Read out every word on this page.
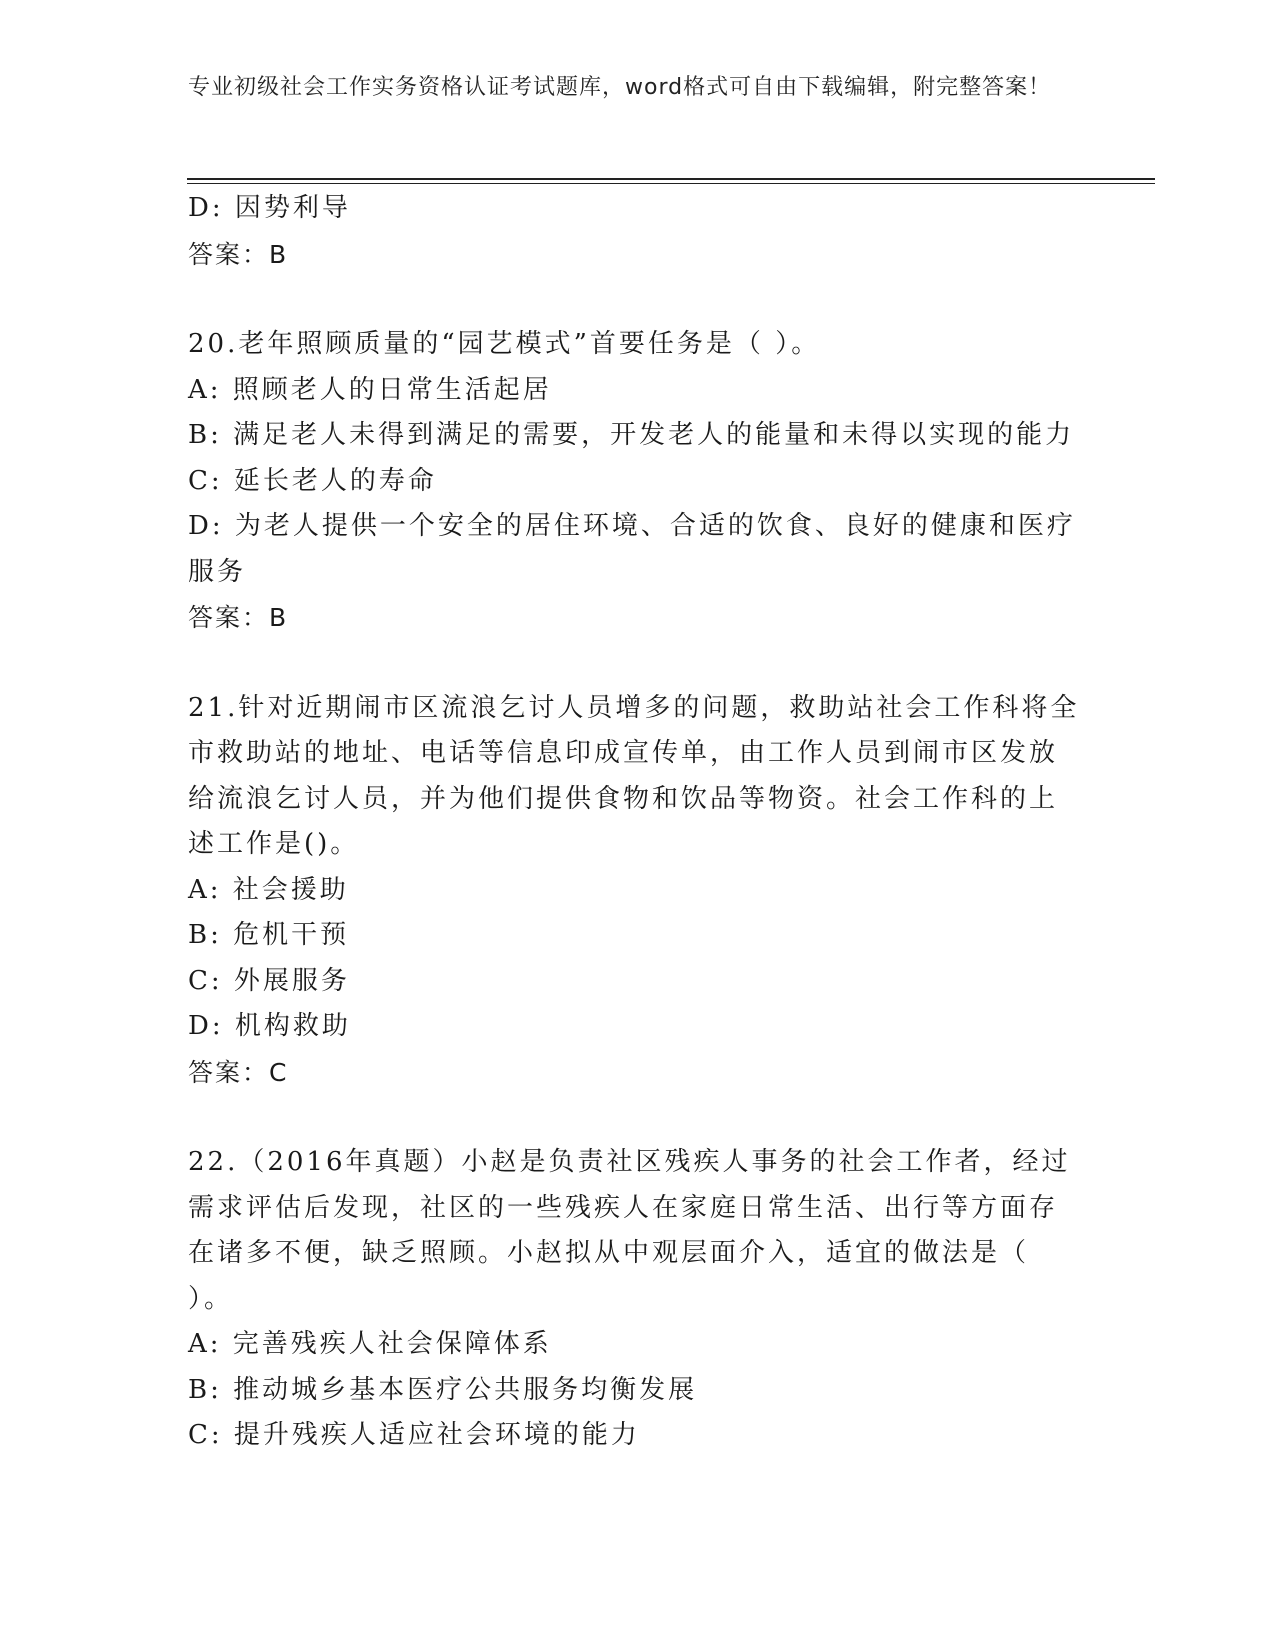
专业初级社会工作实务资格认证考试题库，word格式可自由下载编辑，附完整答案！
D: 因势利导
答案：B
20.老年照顾质量的“园艺模式”首要任务是（ ）。
A: 照顾老人的日常生活起居
B: 满足老人未得到满足的需要，开发老人的能量和未得以实现的能力
C: 延长老人的寿命
D: 为老人提供一个安全的居住环境、合适的饮食、良好的健康和医疗服务
答案：B
21.针对近期闹市区流浪乞讨人员增多的问题，救助站社会工作科将全市救助站的地址、电话等信息印成宣传单，由工作人员到闹市区发放给流浪乞讨人员，并为他们提供食物和饮品等物资。社会工作科的上述工作是()。
A: 社会援助
B: 危机干预
C: 外展服务
D: 机构救助
答案：C
22.（2016年真题）小赵是负责社区残疾人事务的社会工作者，经过需求评估后发现，社区的一些残疾人在家庭日常生活、出行等方面存在诸多不便，缺乏照顾。小赵拟从中观层面介入，适宜的做法是（ ）。
A: 完善残疾人社会保障体系
B: 推动城乡基本医疗公共服务均衡发展
C: 提升残疾人适应社会环境的能力
